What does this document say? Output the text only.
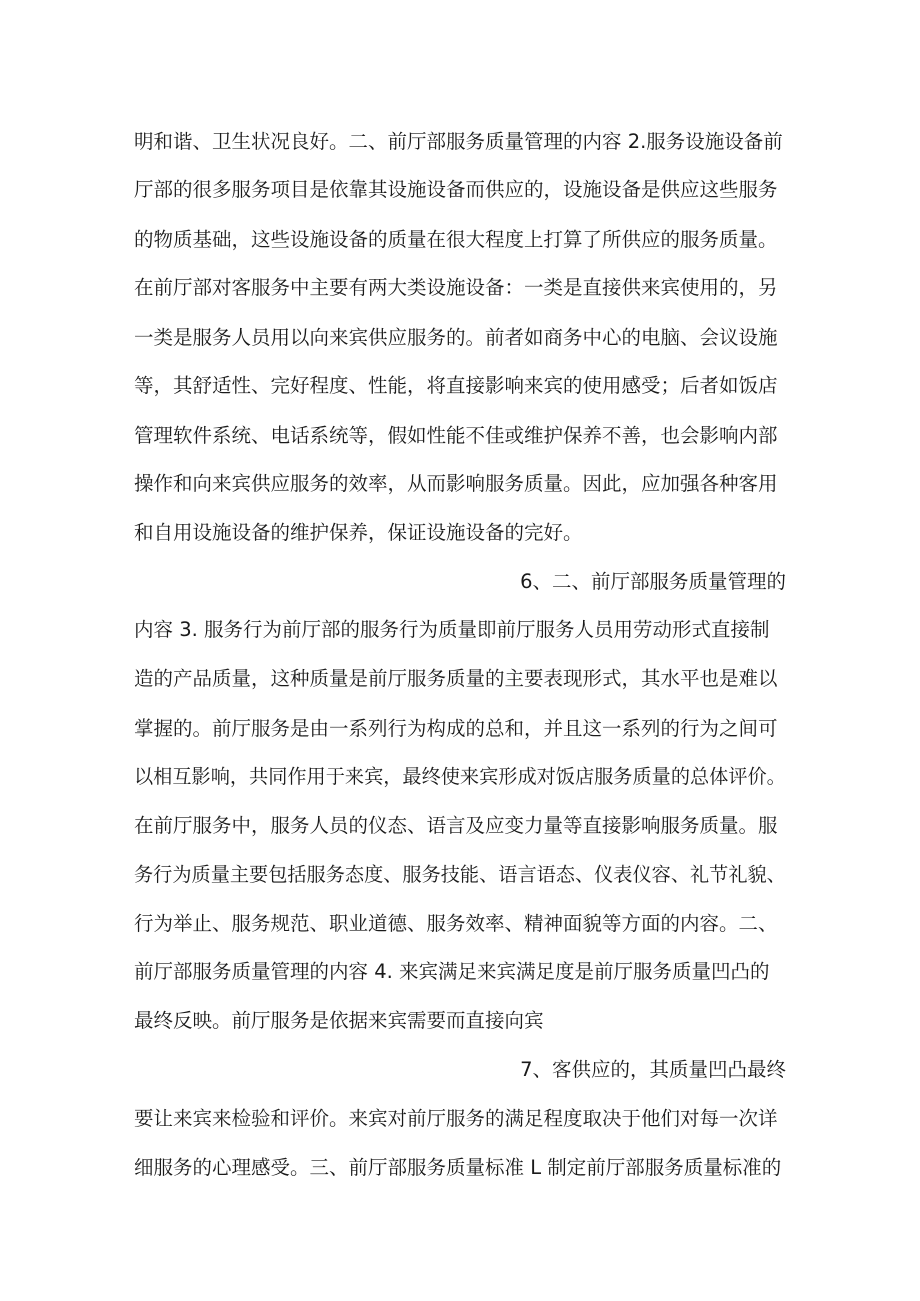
明和谐、卫生状况良好。二、前厅部服务质量管理的内容 2.服务设施设备前
厅部的很多服务项目是依靠其设施设备而供应的，设施设备是供应这些服务
的物质基础，这些设施设备的质量在很大程度上打算了所供应的服务质量。
在前厅部对客服务中主要有两大类设施设备：一类是直接供来宾使用的，另
一类是服务人员用以向来宾供应服务的。前者如商务中心的电脑、会议设施
等，其舒适性、完好程度、性能，将直接影响来宾的使用感受；后者如饭店
管理软件系统、电话系统等，假如性能不佳或维护保养不善，也会影响内部
操作和向来宾供应服务的效率，从而影响服务质量。因此，应加强各种客用
和自用设施设备的维护保养，保证设施设备的完好。
6、二、前厅部服务质量管理的
内容 3. 服务行为前厅部的服务行为质量即前厅服务人员用劳动形式直接制
造的产品质量，这种质量是前厅服务质量的主要表现形式，其水平也是难以
掌握的。前厅服务是由一系列行为构成的总和，并且这一系列的行为之间可
以相互影响，共同作用于来宾，最终使来宾形成对饭店服务质量的总体评价。
在前厅服务中，服务人员的仪态、语言及应变力量等直接影响服务质量。服
务行为质量主要包括服务态度、服务技能、语言语态、仪表仪容、礼节礼貌、
行为举止、服务规范、职业道德、服务效率、精神面貌等方面的内容。二、
前厅部服务质量管理的内容 4. 来宾满足来宾满足度是前厅服务质量凹凸的
最终反映。前厅服务是依据来宾需要而直接向宾
7、客供应的，其质量凹凸最终
要让来宾来检验和评价。来宾对前厅服务的满足程度取决于他们对每一次详
细服务的心理感受。三、前厅部服务质量标准 L 制定前厅部服务质量标准的
